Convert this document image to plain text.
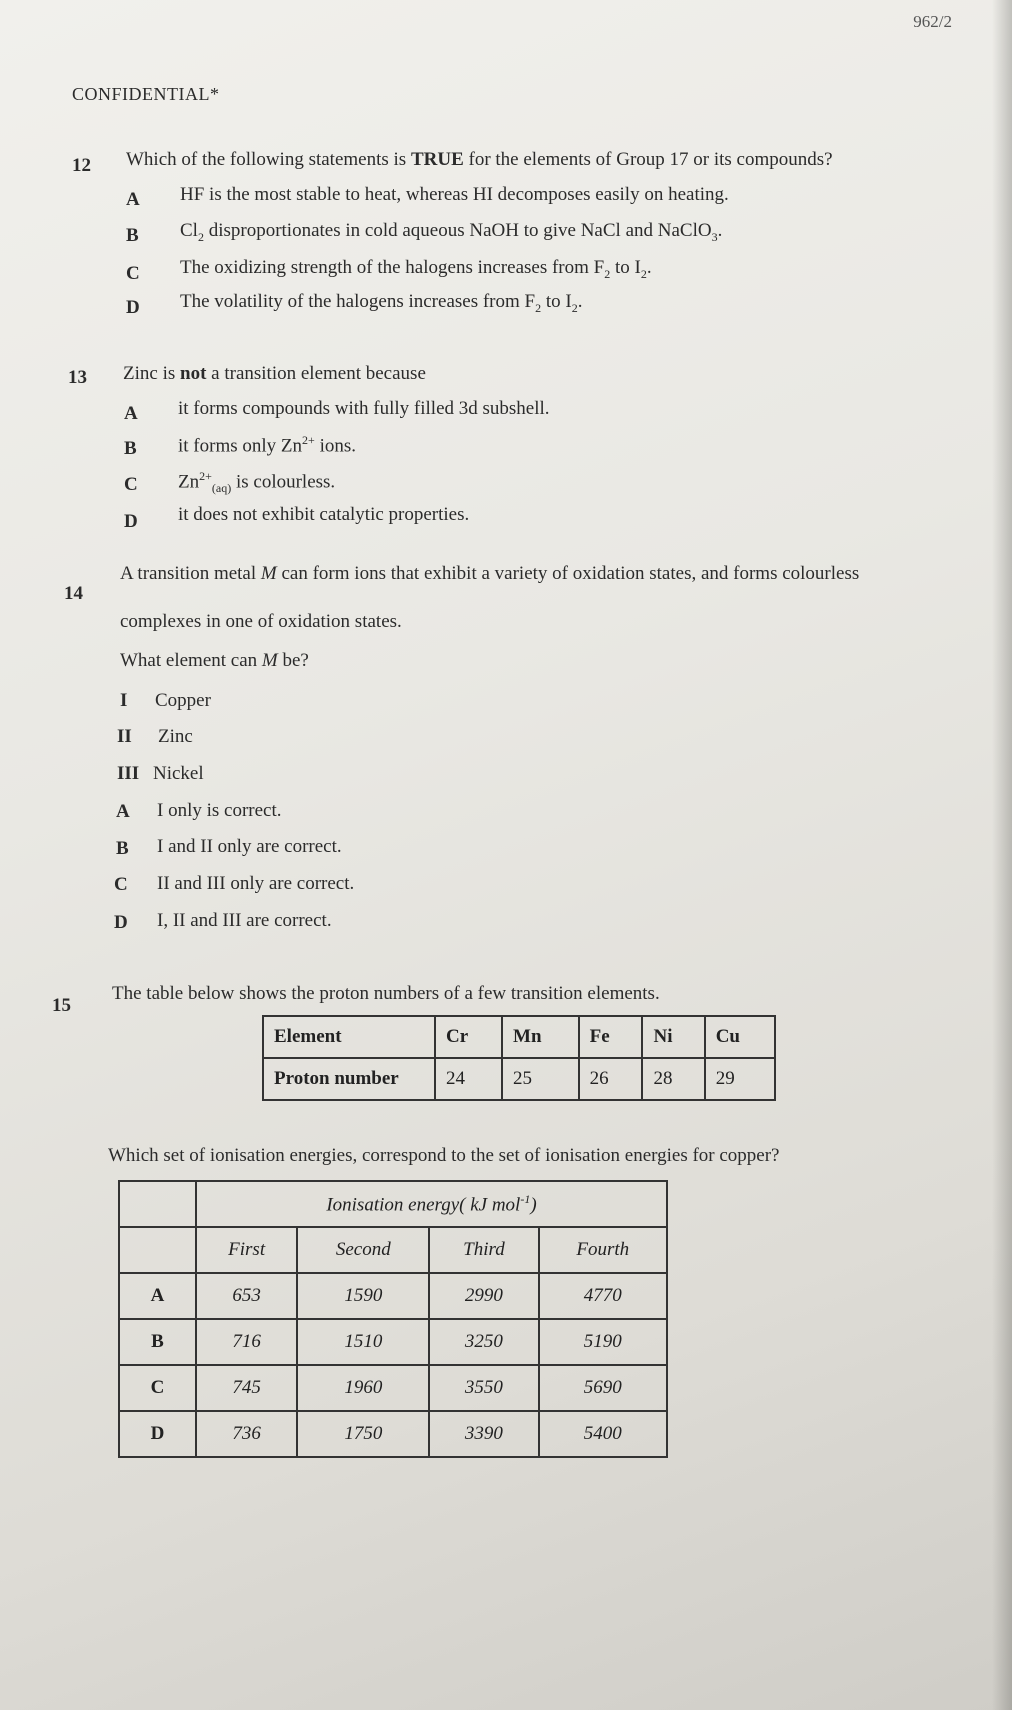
962/2
CONFIDENTIAL*
12 Which of the following statements is TRUE for the elements of Group 17 or its compounds?
A HF is the most stable to heat, whereas HI decomposes easily on heating.
B $Cl_2$ disproportionates in cold aqueous NaOH to give NaCl and NaClO$_3$.
C The oxidizing strength of the halogens increases from $F_2$ to $I_2$.
D The volatility of the halogens increases from $F_2$ to $I_2$.
13 Zinc is not a transition element because
A it forms compounds with fully filled 3d subshell.
B it forms only $Zn^{2+}$ ions.
C $Zn^{2+}_{(aq)}$ is colourless.
D it does not exhibit catalytic properties.
14
A transition metal M can form ions that exhibit a variety of oxidation states, and forms colourless
complexes in one of oxidation states.
What element can M be?
I Copper
II Zinc
III Nickel
A I only is correct.
B I and II only are correct.
C II and III only are correct.
D I, II and III are correct.
15
The table below shows the proton numbers of a few transition elements.
Element	Cr	Mn	Fe	Ni	Cu
Proton number	24	25	26	28	29
Which set of ionisation energies, correspond to the set of ionisation energies for copper?
	Ionisation energy( kJ mol$^{-1}$)			
	First	Second	Third	Fourth
A	653	1590	2990	4770
B	716	1510	3250	5190
C	745	1960	3550	5690
D	736	1750	3390	5400
